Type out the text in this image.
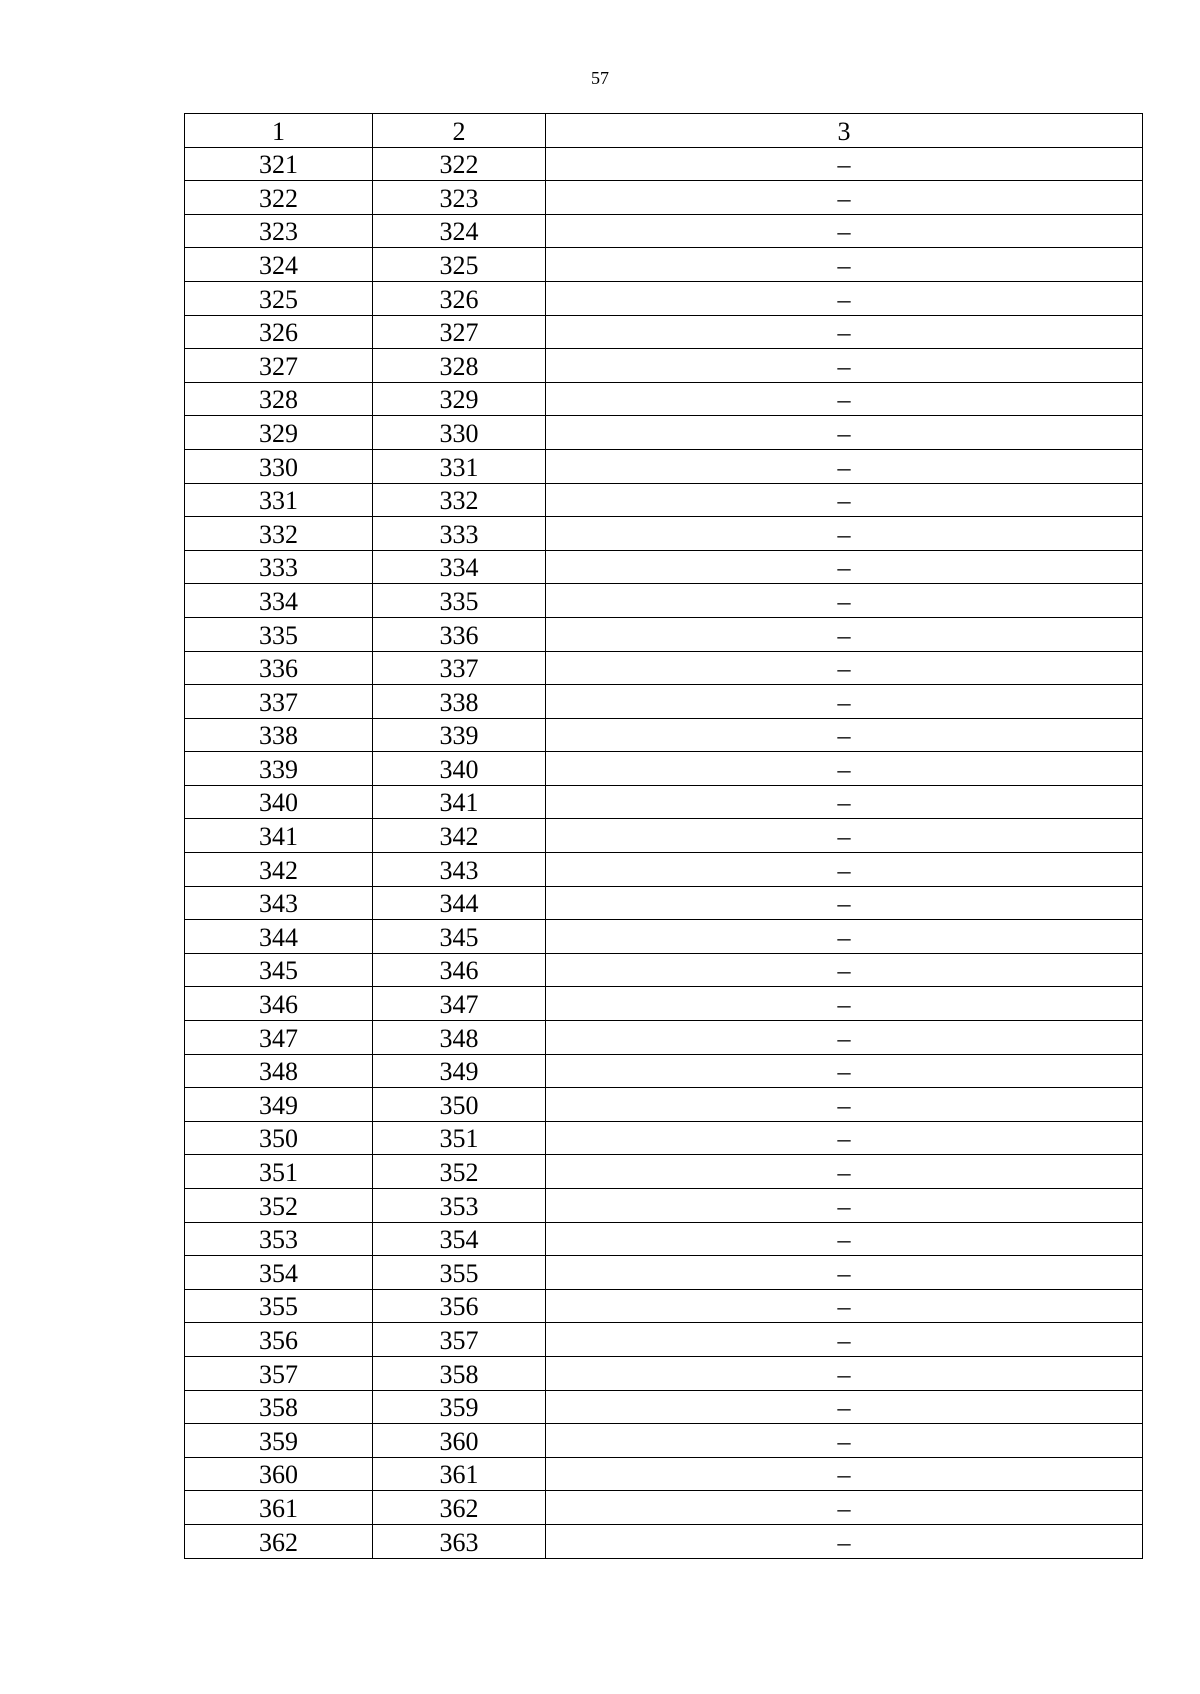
57
1	2	3
321	322	–
322	323	–
323	324	–
324	325	–
325	326	–
326	327	–
327	328	–
328	329	–
329	330	–
330	331	–
331	332	–
332	333	–
333	334	–
334	335	–
335	336	–
336	337	–
337	338	–
338	339	–
339	340	–
340	341	–
341	342	–
342	343	–
343	344	–
344	345	–
345	346	–
346	347	–
347	348	–
348	349	–
349	350	–
350	351	–
351	352	–
352	353	–
353	354	–
354	355	–
355	356	–
356	357	–
357	358	–
358	359	–
359	360	–
360	361	–
361	362	–
362	363	–
